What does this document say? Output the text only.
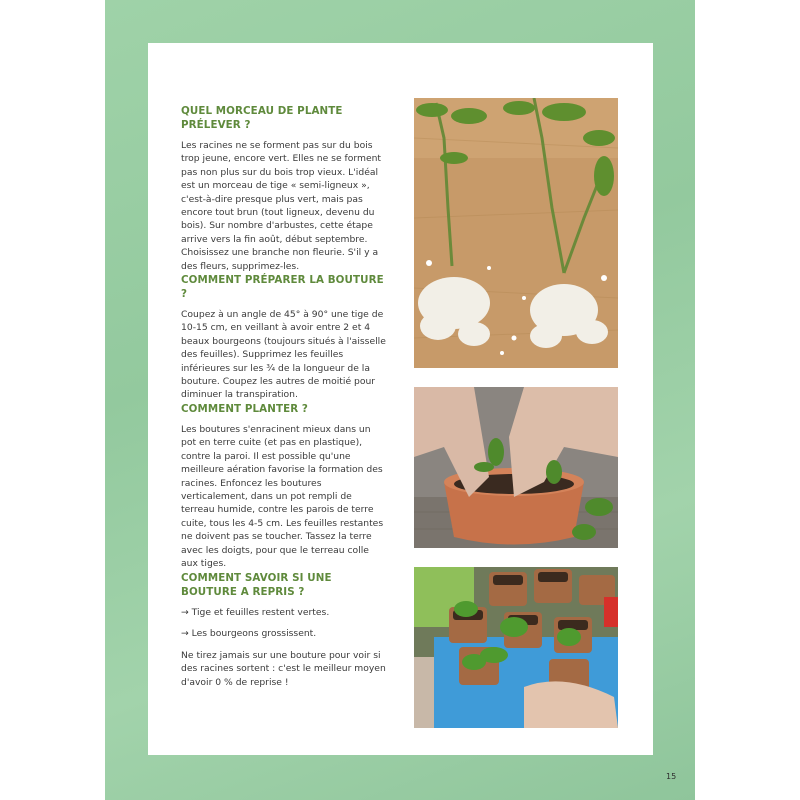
QUEL MORCEAU DE PLANTE PRÉLEVER ?

Les racines ne se forment pas sur du bois trop jeune, encore vert. Elles ne se forment pas non plus sur du bois trop vieux. L'idéal est un morceau de tige « semi-ligneux », c'est-à-dire presque plus vert, mais pas encore tout brun (tout ligneux, devenu du bois). Sur nombre d'arbustes, cette étape arrive vers la fin août, début septembre. Choisissez une branche non fleurie. S'il y a des fleurs, supprimez-les.

COMMENT PRÉPARER LA BOUTURE ?

Coupez à un angle de 45° à 90° une tige de 10-15 cm, en veillant à avoir entre 2 et 4 beaux bourgeons (toujours situés à l'aisselle des feuilles). Supprimez les feuilles inférieures sur les ¾ de la longueur de la bouture. Coupez les autres de moitié pour diminuer la transpiration.

COMMENT PLANTER ?

Les boutures s'enracinent mieux dans un pot en terre cuite (et pas en plastique), contre la paroi. Il est possible qu'une meilleure aération favorise la formation des racines. Enfoncez les boutures verticalement, dans un pot rempli de terreau humide, contre les parois de terre cuite, tous les 4-5 cm. Les feuilles restantes ne doivent pas se toucher. Tassez la terre avec les doigts, pour que le terreau colle aux tiges.

COMMENT SAVOIR SI UNE BOUTURE A REPRIS ?

→ Tige et feuilles restent vertes.

→ Les bourgeons grossissent.

Ne tirez jamais sur une bouture pour voir si des racines sortent : c'est le meilleur moyen d'avoir 0 % de reprise !

15
